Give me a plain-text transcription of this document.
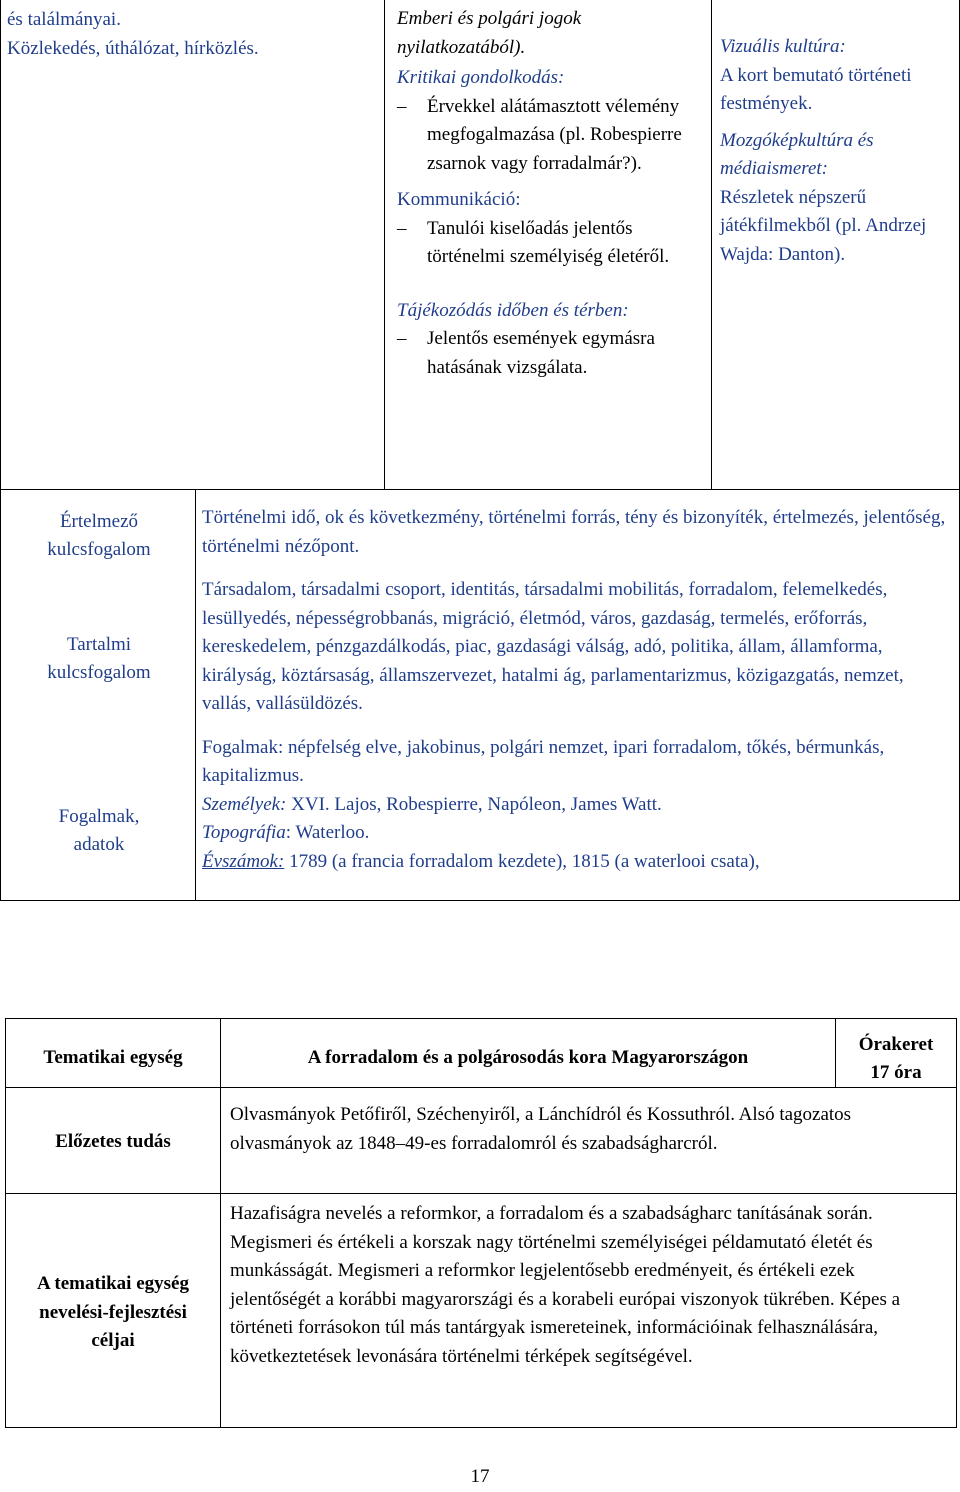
és találmányai.

Közlekedés, úthálózat, hírközlés.

Emberi és polgári jogok

nyilatkozatából).

Kritikai gondolkodás:

– Érvekkel alátámasztott vélemény megfogalmazása (pl. Robespierre zsarnok vagy forradalmár?).

Kommunikáció:

– Tanulói kiselőadás jelentős történelmi személyiség életéről.

Tájékozódás időben és térben:

– Jelentős események egymásra hatásának vizsgálata.

Vizuális kultúra:

A kort bemutató történeti festmények.

Mozgóképkultúra és médiaismeret:

Részletek népszerű játékfilmekből (pl. Andrzej Wajda: Danton).

Értelmező

kulcsfogalom

Tartalmi

kulcsfogalom

Fogalmak,

adatok

Történelmi idő, ok és következmény, történelmi forrás, tény és bizonyíték, értelmezés, jelentőség, történelmi nézőpont.

Társadalom, társadalmi csoport, identitás, társadalmi mobilitás, forradalom, felemelkedés, lesüllyedés, népességrobbanás, migráció, életmód, város, gazdaság, termelés, erőforrás, kereskedelem, pénzgazdálkodás, piac, gazdasági válság, adó, politika, állam, államforma, királyság, köztársaság, államszervezet, hatalmi ág, parlamentarizmus, közigazgatás, nemzet, vallás, vallásüldözés.

Fogalmak: népfelség elve, jakobinus, polgári nemzet, ipari forradalom, tőkés, bérmunkás, kapitalizmus.

Személyek: XVI. Lajos, Robespierre, Napóleon, James Watt.

Topográfia: Waterloo.

Évszámok: 1789 (a francia forradalom kezdete), 1815 (a waterlooi csata),

Tematikai egység	A forradalom és a polgárosodás kora Magyarországon

Órakeret

17 óra

Előzetes tudás

Olvasmányok Petőfiről, Széchenyiről, a Lánchídról és Kossuthról. Alsó tagozatos olvasmányok az 1848–49-es forradalomról és szabadságharcról.

A tematikai egység

nevelési-fejlesztési

céljai

Hazafiságra nevelés a reformkor, a forradalom és a szabadságharc tanításának során. Megismeri és értékeli a korszak nagy történelmi személyiségei példamutató életét és munkásságát. Megismeri a reformkor legjelentősebb eredményeit, és értékeli ezek jelentőségét a korábbi magyarországi és a korabeli európai viszonyok tükrében. Képes a történeti forrásokon túl más tantárgyak ismereteinek, információinak felhasználására, következtetések levonására történelmi térképek segítségével.

17
